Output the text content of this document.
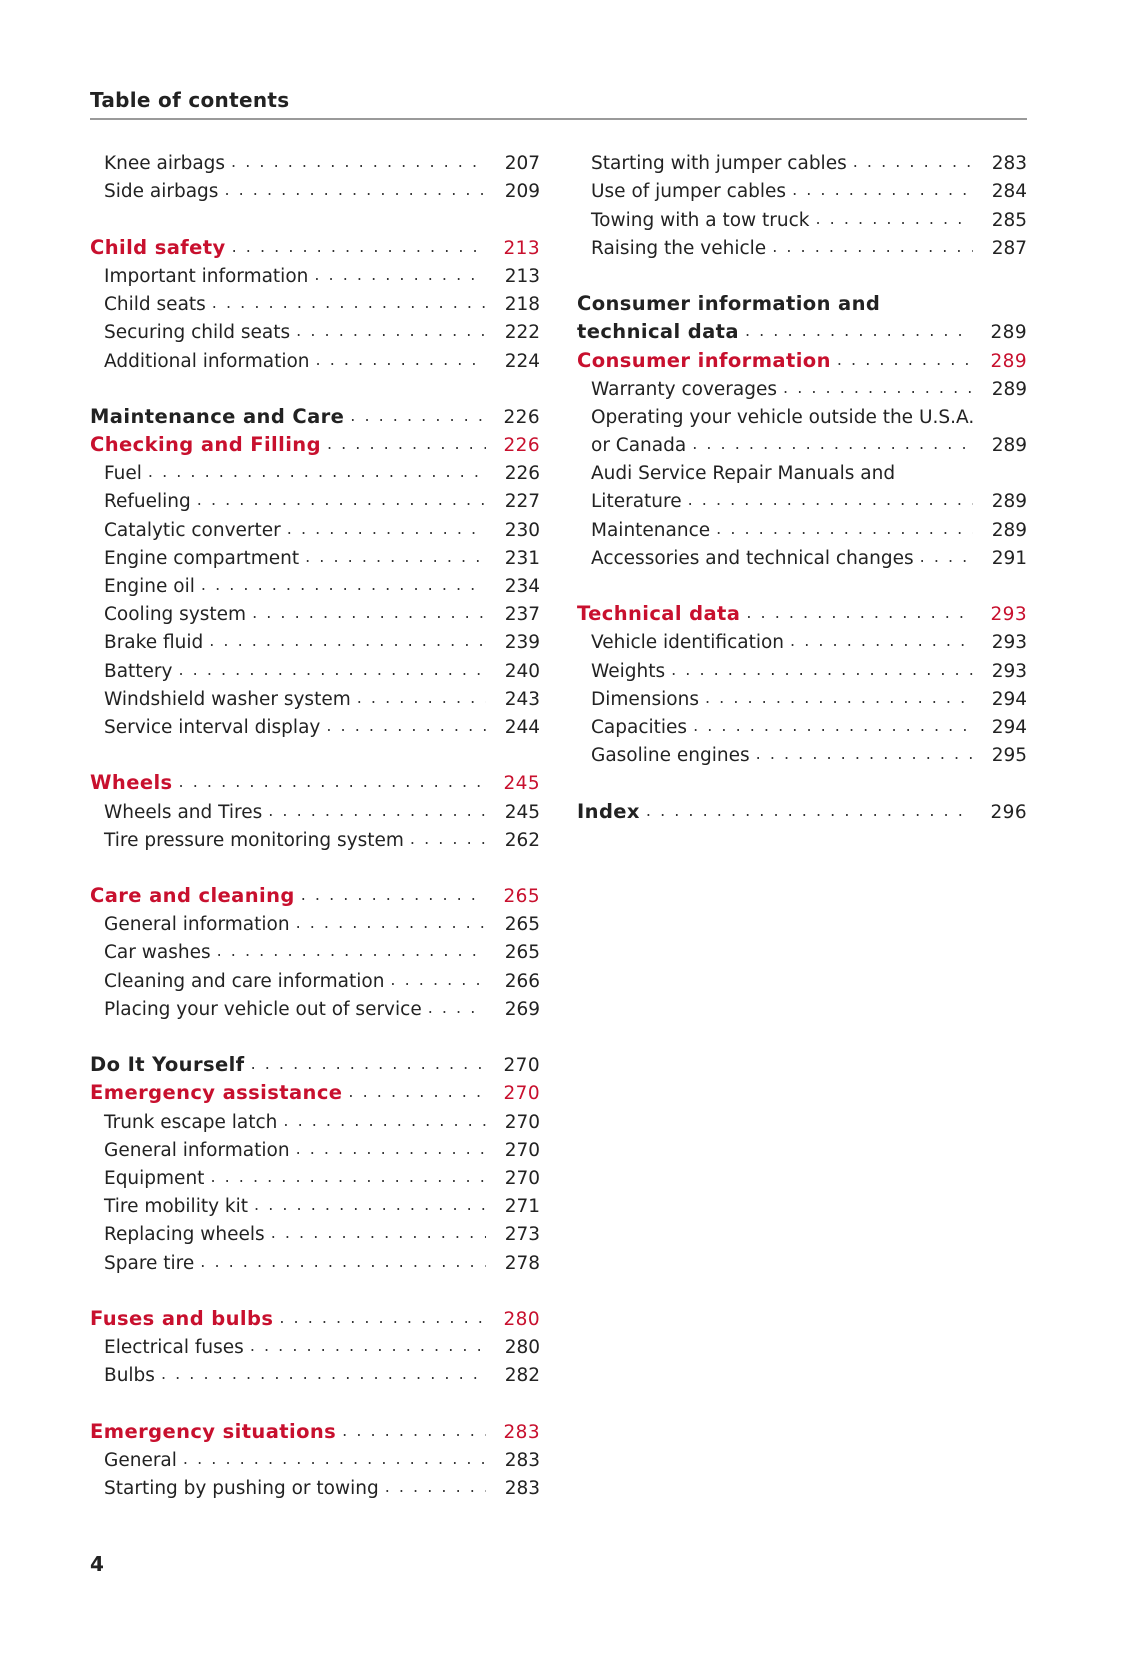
Table of contents
Knee airbags . . .	207
Side airbags . . .	209
Child safety . . .	213
Important information . . .	213
Child seats . . .	218
Securing child seats . . .	222
Additional information . . .	224
Maintenance and Care . . .	226
Checking and Filling . . .	226
Fuel . . .	226
Refueling . . .	227
Catalytic converter . . .	230
Engine compartment . . .	231
Engine oil . . .	234
Cooling system . . .	237
Brake fluid . . .	239
Battery . . .	240
Windshield washer system . . .	243
Service interval display . . .	244
Wheels . . .	245
Wheels and Tires . . .	245
Tire pressure monitoring system . . .	262
Care and cleaning . . .	265
General information . . .	265
Car washes . . .	265
Cleaning and care information . . .	266
Placing your vehicle out of service . . .	269
Do It Yourself . . .	270
Emergency assistance . . .	270
Trunk escape latch . . .	270
General information . . .	270
Equipment . . .	270
Tire mobility kit . . .	271
Replacing wheels . . .	273
Spare tire . . .	278
Fuses and bulbs . . .	280
Electrical fuses . . .	280
Bulbs . . .	282
Emergency situations . . .	283
General . . .	283
Starting by pushing or towing . . .	283
Starting with jumper cables . . .	283
Use of jumper cables . . .	284
Towing with a tow truck . . .	285
Raising the vehicle . . .	287
Consumer information and
technical data . . .	289
Consumer information . . .	289
Warranty coverages . . .	289
Operating your vehicle outside the U.S.A.
or Canada . . .	289
Audi Service Repair Manuals and
Literature . . .	289
Maintenance . . .	289
Accessories and technical changes . . .	291
Technical data . . .	293
Vehicle identification . . .	293
Weights . . .	293
Dimensions . . .	294
Capacities . . .	294
Gasoline engines . . .	295
Index . . .	296
4
